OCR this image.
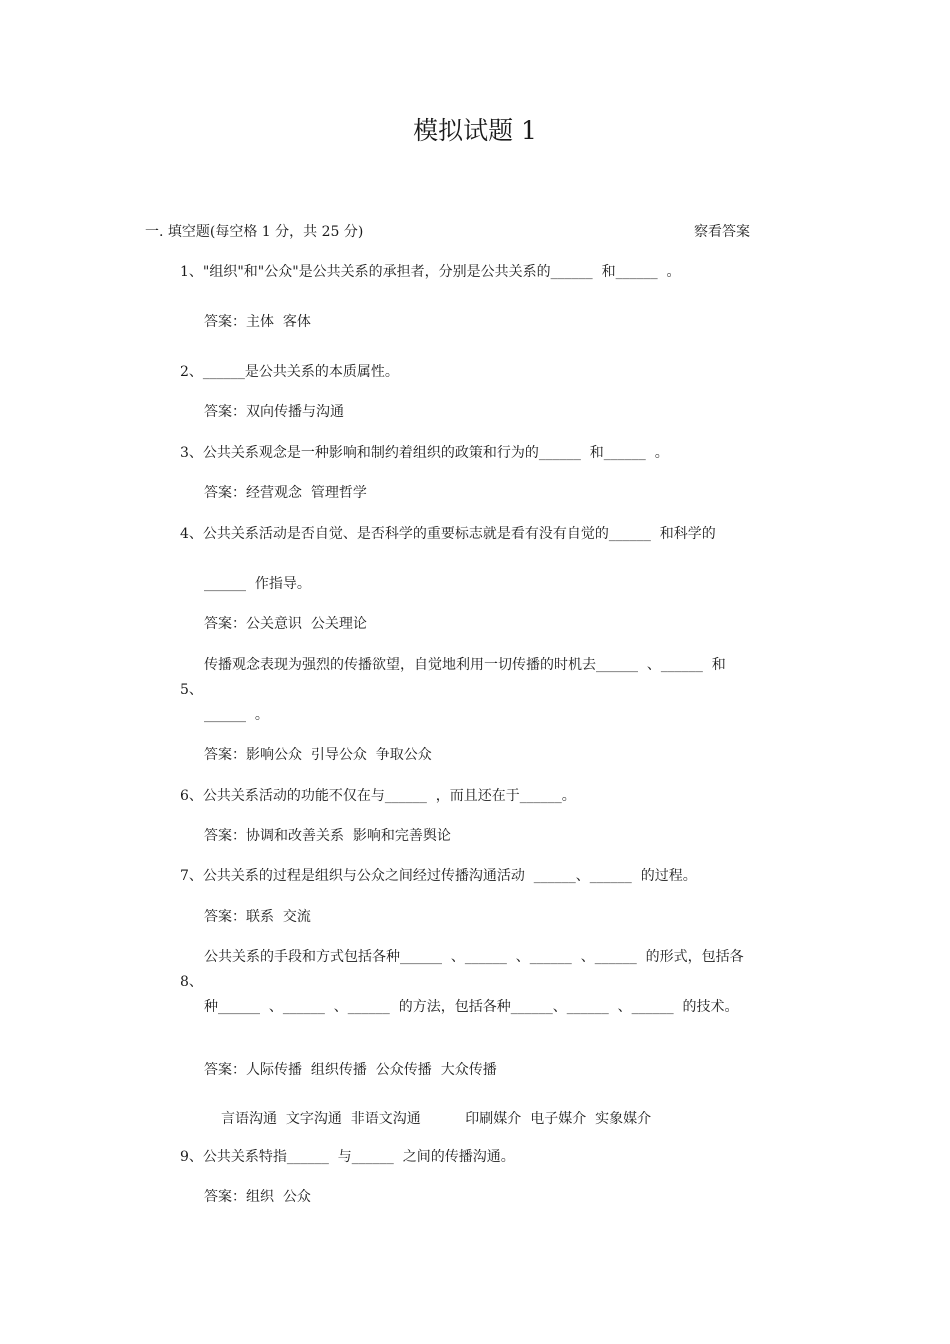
模拟试题 1
一. 填空题(每空格 1 分，共 25 分)	察看答案
1、"组织"和"公众"是公共关系的承担者，分别是公共关系的______  和______  。
答案：主体  客体
2、______是公共关系的本质属性。
答案：双向传播与沟通
3、公共关系观念是一种影响和制约着组织的政策和行为的______  和______  。
答案：经营观念  管理哲学
4、公共关系活动是否自觉、是否科学的重要标志就是看有没有自觉的______  和科学的
______  作指导。
答案：公关意识  公关理论
传播观念表现为强烈的传播欲望，自觉地利用一切传播的时机去______  、______  和
5、
______  。
答案：影响公众  引导公众  争取公众
6、公共关系活动的功能不仅在与______  ，而且还在于______。
答案：协调和改善关系  影响和完善舆论
7、公共关系的过程是组织与公众之间经过传播沟通活动  ______、______  的过程。
答案：联系  交流
公共关系的手段和方式包括各种______  、______  、______  、______  的形式，包括各
8、
种______  、______  、______  的方法，包括各种______、______  、______  的技术。
答案：人际传播  组织传播  公众传播  大众传播
言语沟通  文字沟通  非语文沟通          印刷媒介  电子媒介  实象媒介
9、公共关系特指______  与______  之间的传播沟通。
答案：组织  公众
